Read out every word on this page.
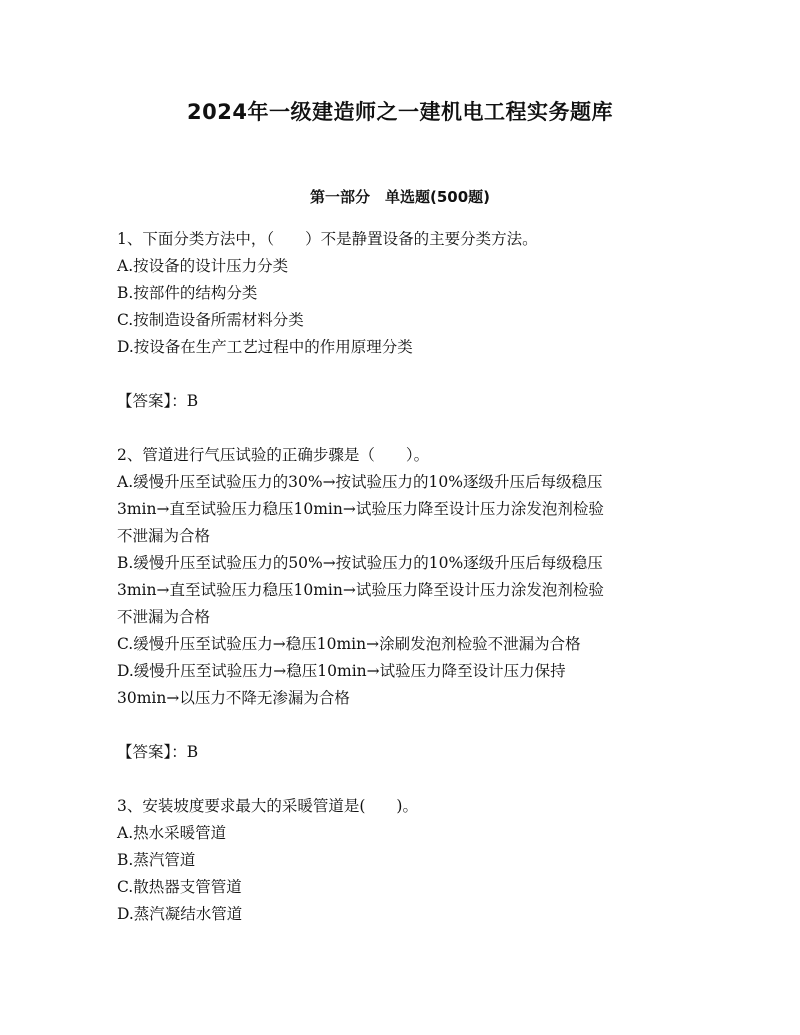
2024年一级建造师之一建机电工程实务题库
第一部分　单选题(500题)
1、下面分类方法中，（　　）不是静置设备的主要分类方法。
A.按设备的设计压力分类
B.按部件的结构分类
C.按制造设备所需材料分类
D.按设备在生产工艺过程中的作用原理分类
【答案】：B
2、管道进行气压试验的正确步骤是（　　）。
A.缓慢升压至试验压力的30%→按试验压力的10%逐级升压后每级稳压
3min→直至试验压力稳压10min→试验压力降至设计压力涂发泡剂检验
不泄漏为合格
B.缓慢升压至试验压力的50%→按试验压力的10%逐级升压后每级稳压
3min→直至试验压力稳压10min→试验压力降至设计压力涂发泡剂检验
不泄漏为合格
C.缓慢升压至试验压力→稳压10min→涂刷发泡剂检验不泄漏为合格
D.缓慢升压至试验压力→稳压10min→试验压力降至设计压力保持
30min→以压力不降无渗漏为合格
【答案】：B
3、安装坡度要求最大的采暖管道是(　　)。
A.热水采暖管道
B.蒸汽管道
C.散热器支管管道
D.蒸汽凝结水管道
